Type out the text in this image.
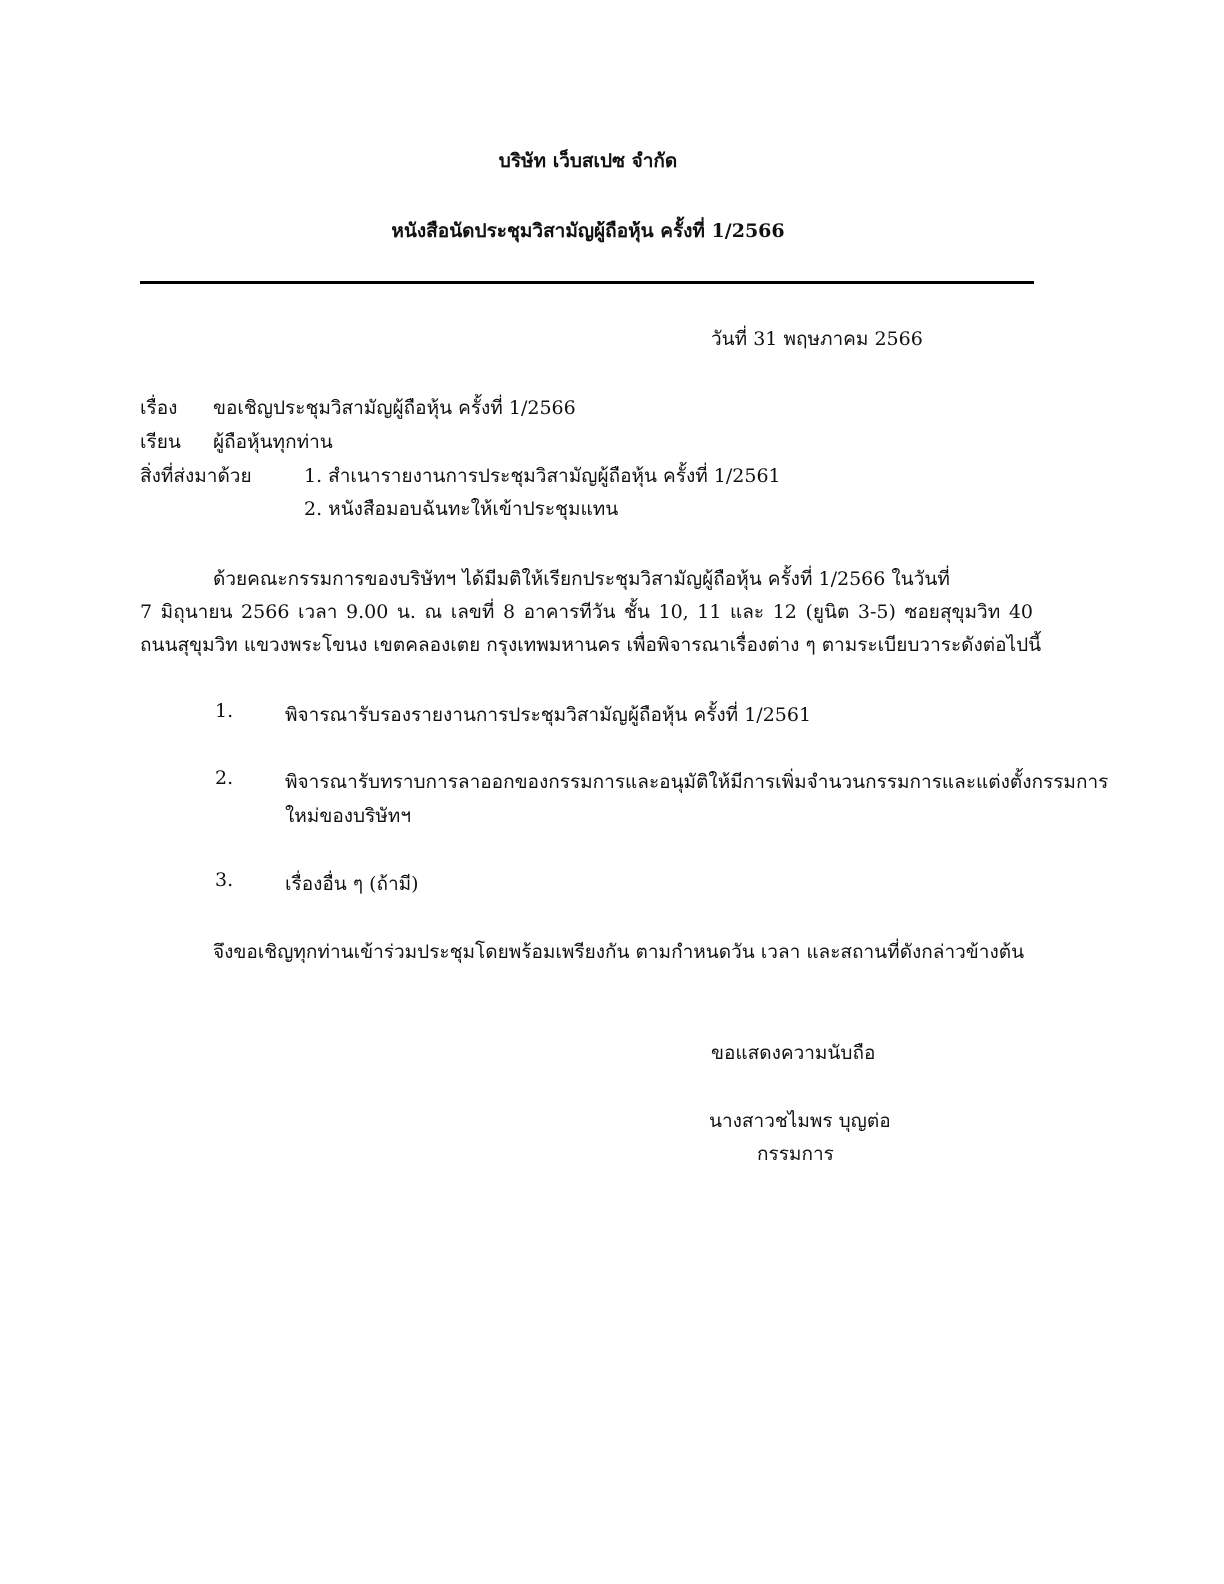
บริษัท เว็บสเปซ จำกัด
หนังสือนัดประชุมวิสามัญผู้ถือหุ้น ครั้งที่ 1/2566
วันที่ 31 พฤษภาคม 2566
เรื่อง ขอเชิญประชุมวิสามัญผู้ถือหุ้น ครั้งที่ 1/2566
เรียน ผู้ถือหุ้นทุกท่าน
สิ่งที่ส่งมาด้วย	1. สำเนารายงานการประชุมวิสามัญผู้ถือหุ้น ครั้งที่ 1/2561
2. หนังสือมอบฉันทะให้เข้าประชุมแทน
ด้วยคณะกรรมการของบริษัทฯ ได้มีมติให้เรียกประชุมวิสามัญผู้ถือหุ้น ครั้งที่ 1/2566 ในวันที่
7 มิถุนายน 2566 เวลา 9.00 น. ณ เลขที่ 8 อาคารทีวัน ชั้น 10, 11 และ 12 (ยูนิต 3-5) ซอยสุขุมวิท 40
ถนนสุขุมวิท แขวงพระโขนง เขตคลองเตย กรุงเทพมหานคร เพื่อพิจารณาเรื่องต่าง ๆ ตามระเบียบวาระดังต่อไปนี้
1.	พิจารณารับรองรายงานการประชุมวิสามัญผู้ถือหุ้น ครั้งที่ 1/2561
2.	พิจารณารับทราบการลาออกของกรรมการและอนุมัติให้มีการเพิ่มจำนวนกรรมการและแต่งตั้งกรรมการ
ใหม่ของบริษัทฯ
3.	เรื่องอื่น ๆ (ถ้ามี)
จึงขอเชิญทุกท่านเข้าร่วมประชุมโดยพร้อมเพรียงกัน ตามกำหนดวัน เวลา และสถานที่ดังกล่าวข้างต้น
ขอแสดงความนับถือ
นางสาวชไมพร บุญต่อ
กรรมการ
